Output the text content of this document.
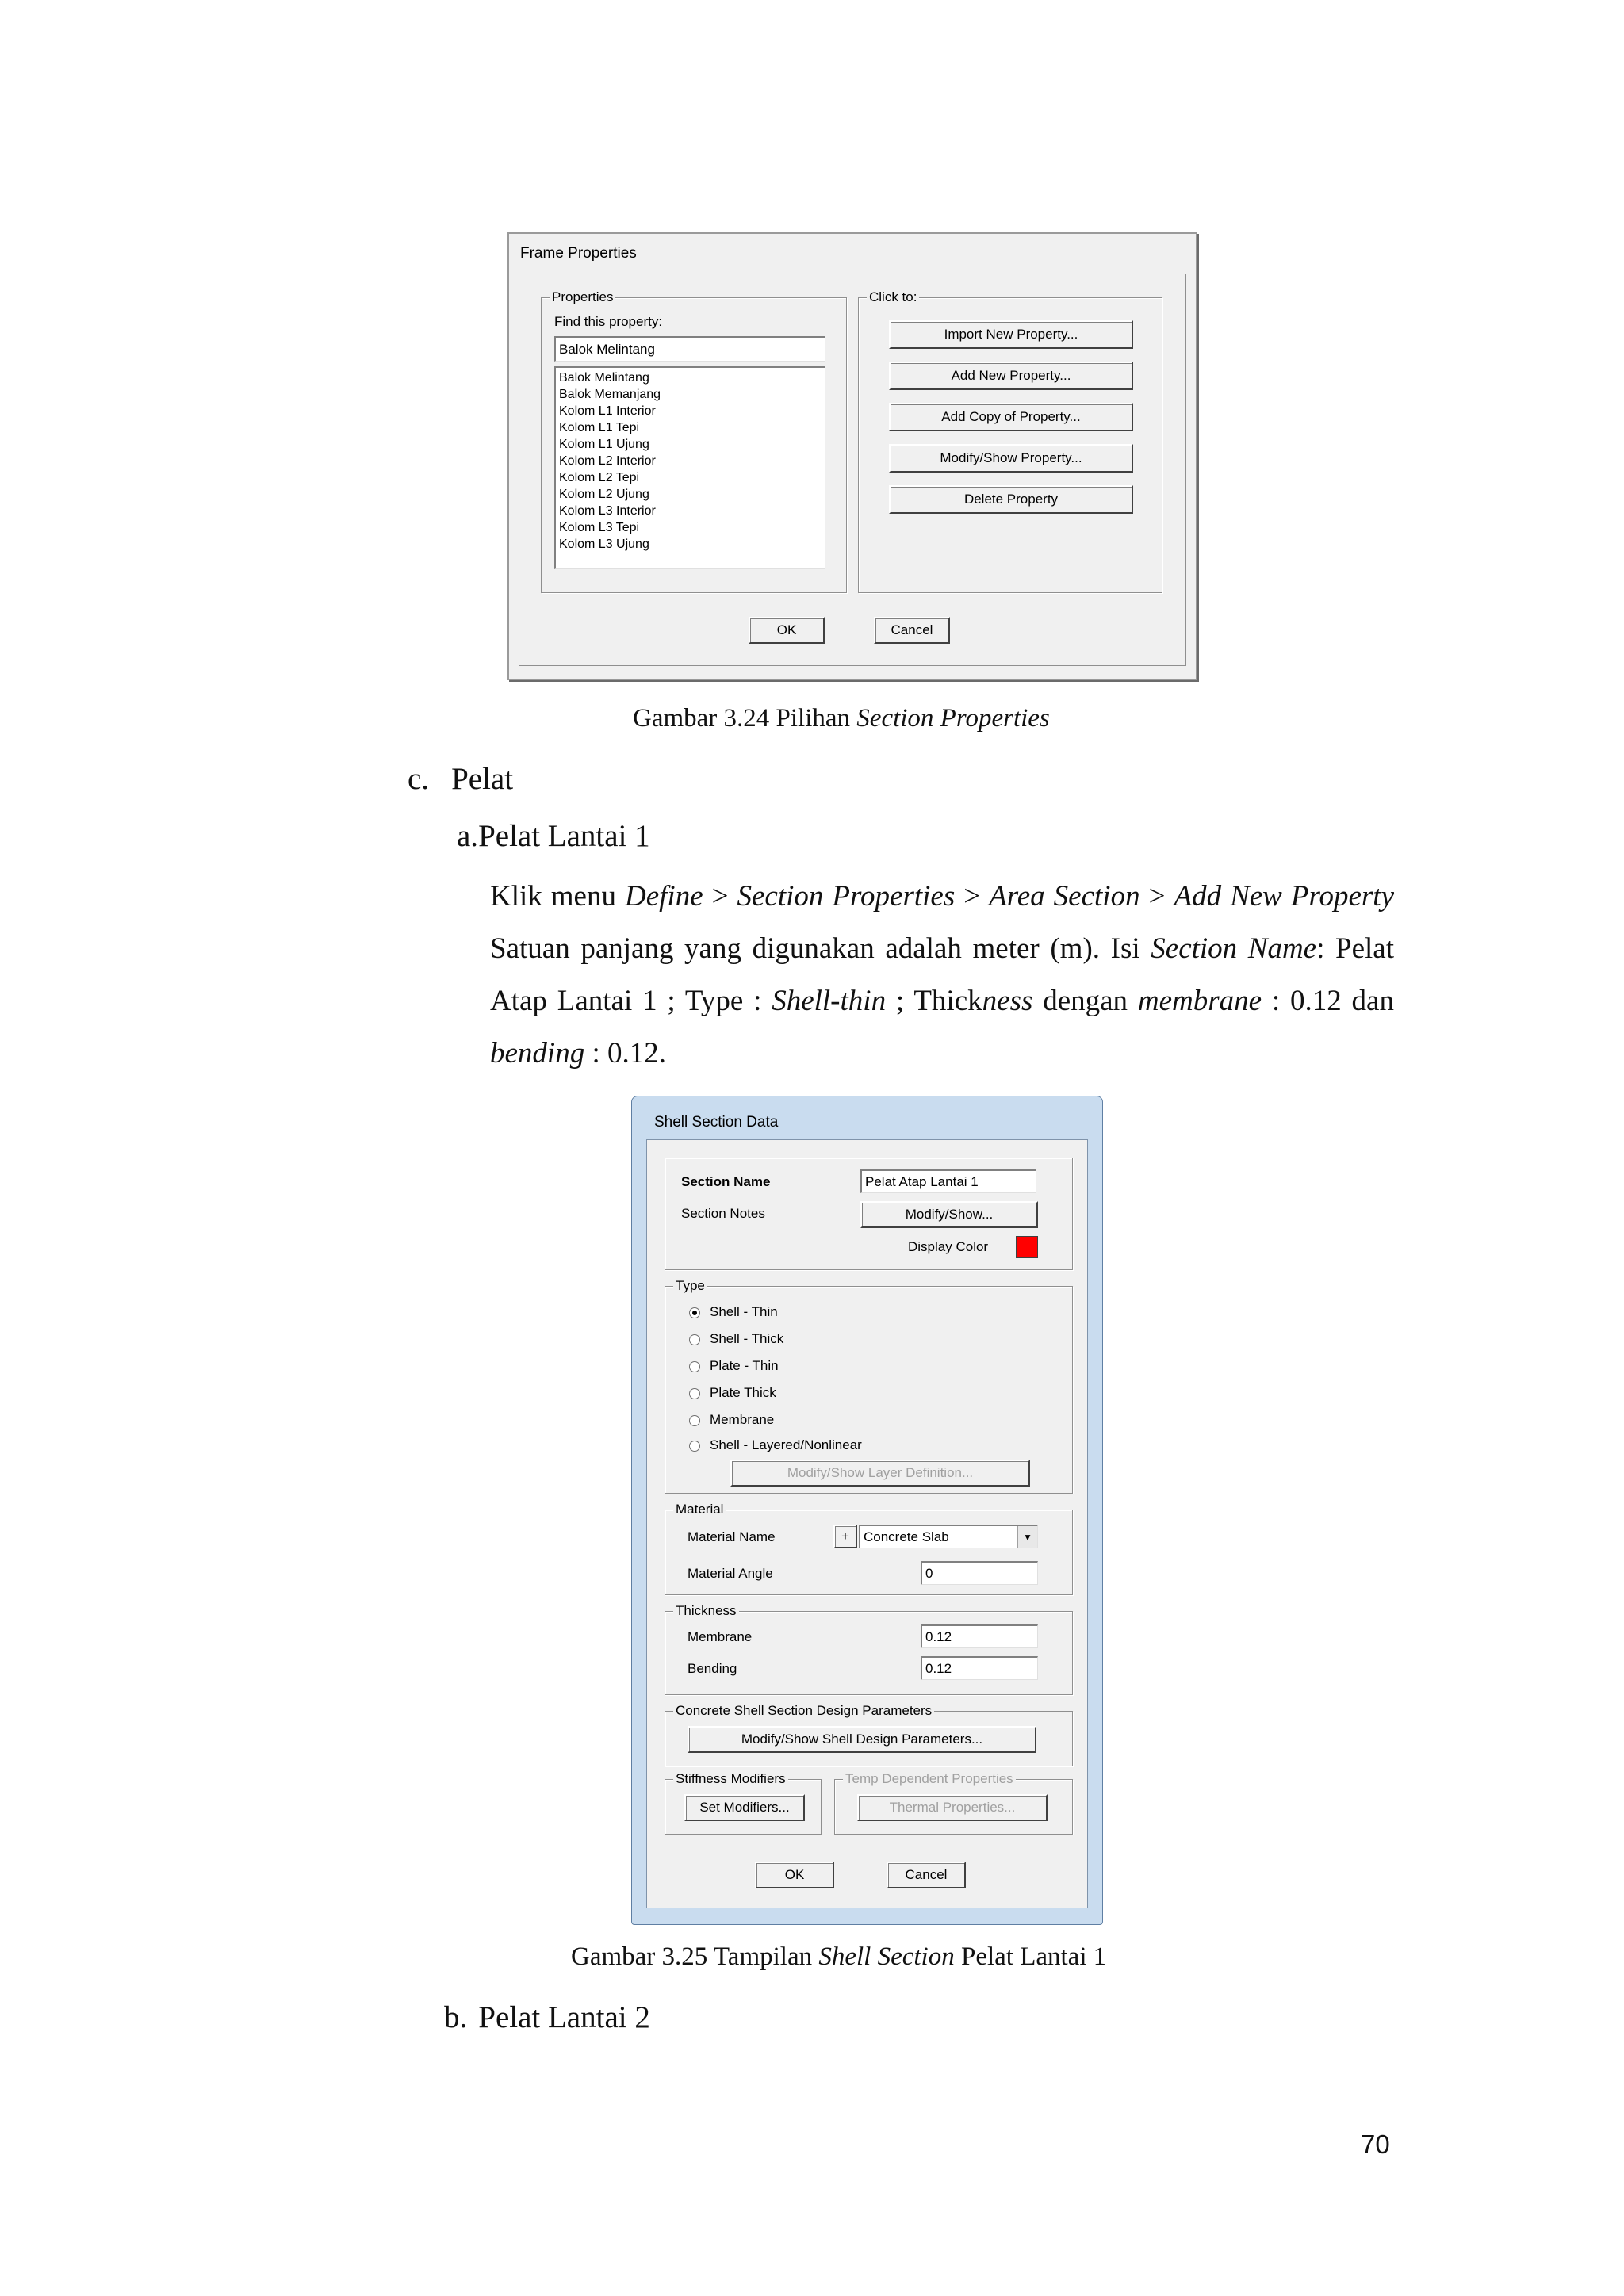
Frame Properties
Properties
Find this property:
Balok Melintang
Balok Melintang
Balok Memanjang
Kolom L1 Interior
Kolom L1 Tepi
Kolom L1 Ujung
Kolom L2 Interior
Kolom L2 Tepi
Kolom L2 Ujung
Kolom L3 Interior
Kolom L3 Tepi
Kolom L3 Ujung
Click to:
Import New Property...
Add New Property...
Add Copy of Property...
Modify/Show Property...
Delete Property
OK	Cancel
Gambar 3.24 Pilihan Section Properties
c. Pelat
a.Pelat Lantai 1
Klik menu Define > Section Properties > Area Section > Add New Property
Satuan panjang yang digunakan adalah meter (m). Isi Section Name: Pelat
Atap Lantai 1 ; Type : Shell-thin ; Thickness dengan membrane : 0.12 dan
bending : 0.12.
Shell Section Data
Section Name	Pelat Atap Lantai 1
Section Notes	Modify/Show...
Display Color
Type
Shell - Thin
Shell - Thick
Plate - Thin
Plate Thick
Membrane
Shell - Layered/Nonlinear
Modify/Show Layer Definition...
Material
Material Name	+	Concrete Slab	▼
Material Angle	0
Thickness
Membrane	0.12
Bending	0.12
Concrete Shell Section Design Parameters
Modify/Show Shell Design Parameters...
Stiffness Modifiers
Set Modifiers...
Temp Dependent Properties
Thermal Properties...
OK	Cancel
Gambar 3.25 Tampilan Shell Section Pelat Lantai 1
b. Pelat Lantai 2
70
